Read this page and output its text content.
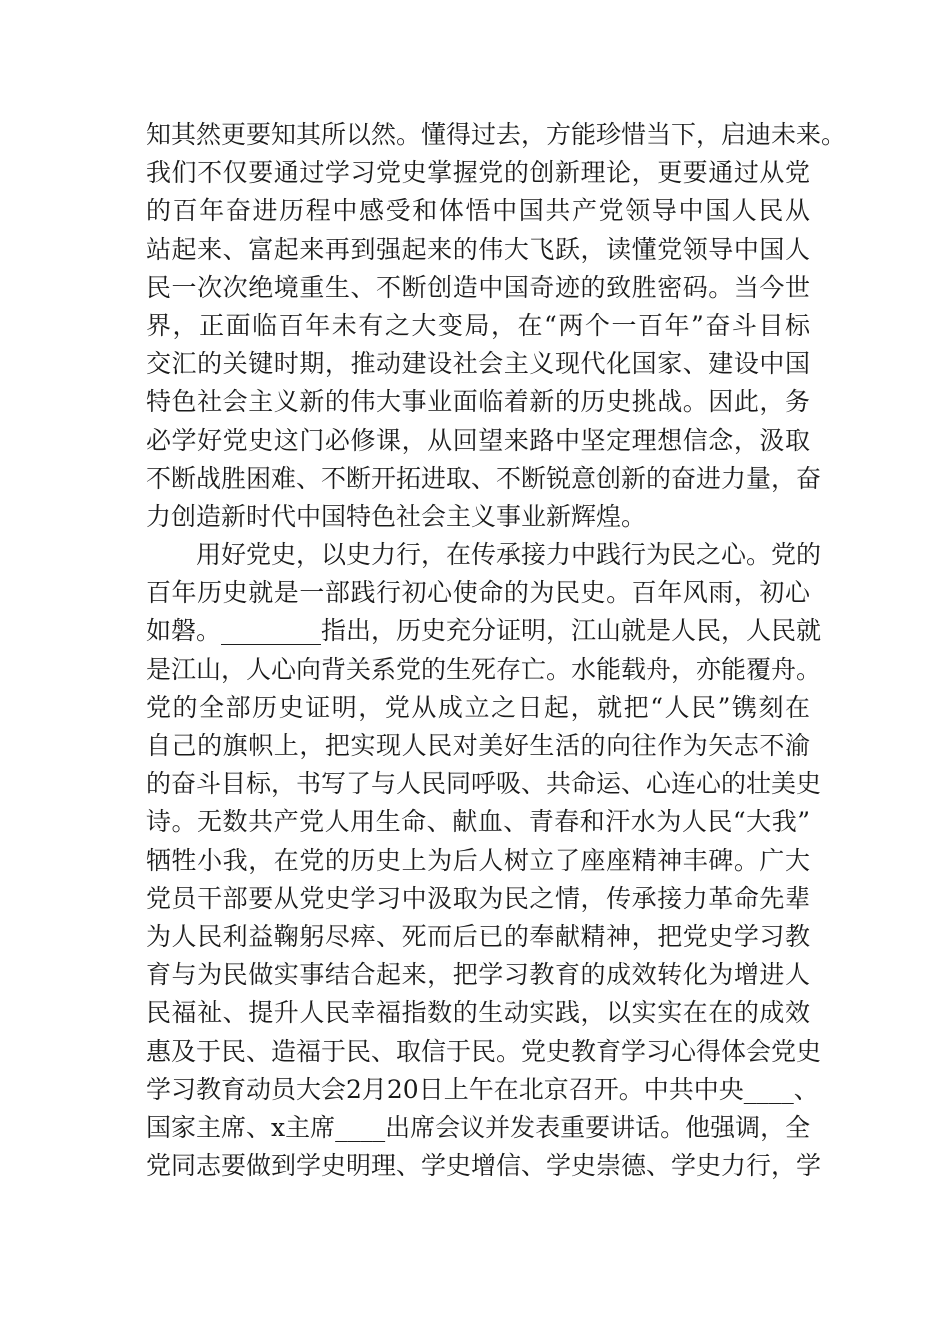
知其然更要知其所以然。懂得过去，方能珍惜当下，启迪未来。
我们不仅要通过学习党史掌握党的创新理论，更要通过从党
的百年奋进历程中感受和体悟中国共产党领导中国人民从
站起来、富起来再到强起来的伟大飞跃，读懂党领导中国人
民一次次绝境重生、不断创造中国奇迹的致胜密码。当今世
界，正面临百年未有之大变局，在“两个一百年”奋斗目标
交汇的关键时期，推动建设社会主义现代化国家、建设中国
特色社会主义新的伟大事业面临着新的历史挑战。因此，务
必学好党史这门必修课，从回望来路中坚定理想信念，汲取
不断战胜困难、不断开拓进取、不断锐意创新的奋进力量，奋
力创造新时代中国特色社会主义事业新辉煌。
用好党史，以史力行，在传承接力中践行为民之心。党的
百年历史就是一部践行初心使命的为民史。百年风雨，初心
如磐。________指出，历史充分证明，江山就是人民，人民就
是江山，人心向背关系党的生死存亡。水能载舟，亦能覆舟。
党的全部历史证明，党从成立之日起，就把“人民”镌刻在
自己的旗帜上，把实现人民对美好生活的向往作为矢志不渝
的奋斗目标，书写了与人民同呼吸、共命运、心连心的壮美史
诗。无数共产党人用生命、献血、青春和汗水为人民“大我”
牺牲小我，在党的历史上为后人树立了座座精神丰碑。广大
党员干部要从党史学习中汲取为民之情，传承接力革命先辈
为人民利益鞠躬尽瘁、死而后已的奉献精神，把党史学习教
育与为民做实事结合起来，把学习教育的成效转化为增进人
民福祉、提升人民幸福指数的生动实践，以实实在在的成效
惠及于民、造福于民、取信于民。党史教育学习心得体会党史
学习教育动员大会2月20日上午在北京召开。中共中央____、
国家主席、x主席____出席会议并发表重要讲话。他强调，全
党同志要做到学史明理、学史增信、学史崇德、学史力行，学
